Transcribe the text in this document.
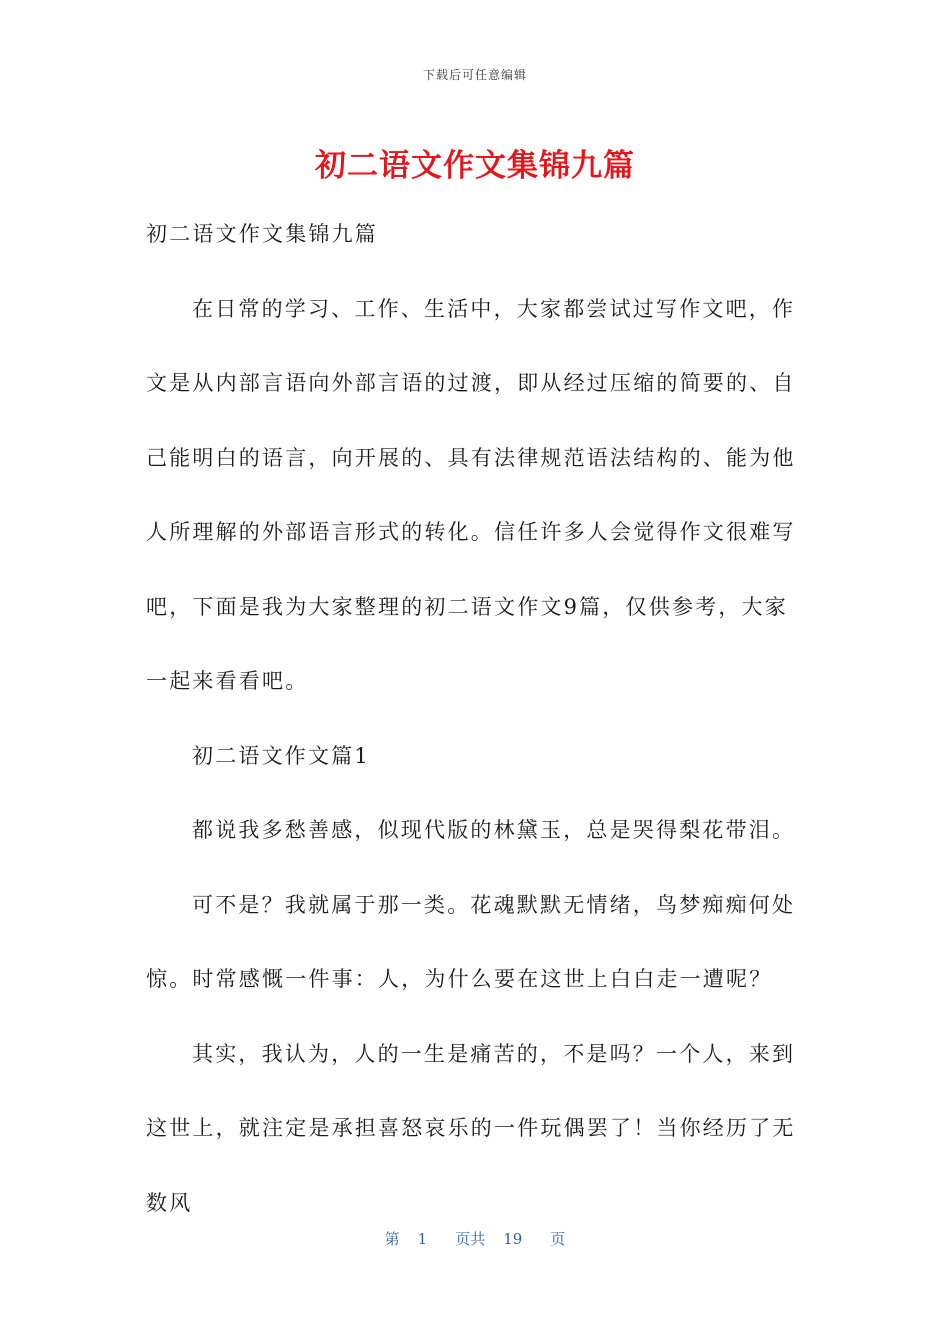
下载后可任意编辑
初二语文作文集锦九篇

初二语文作文集锦九篇

在日常的学习、工作、生活中，大家都尝试过写作文吧，作文是从内部言语向外部言语的过渡，即从经过压缩的简要的、自己能明白的语言，向开展的、具有法律规范语法结构的、能为他人所理解的外部语言形式的转化。信任许多人会觉得作文很难写吧，下面是我为大家整理的初二语文作文9篇，仅供参考，大家一起来看看吧。

初二语文作文篇1

都说我多愁善感，似现代版的林黛玉，总是哭得梨花带泪。

可不是？我就属于那一类。花魂默默无情绪，鸟梦痴痴何处惊。时常感慨一件事：人，为什么要在这世上白白走一遭呢？

其实，我认为，人的一生是痛苦的，不是吗？一个人，来到这世上，就注定是承担喜怒哀乐的一件玩偶罢了！当你经历了无数风

第 1 页共 19 页
